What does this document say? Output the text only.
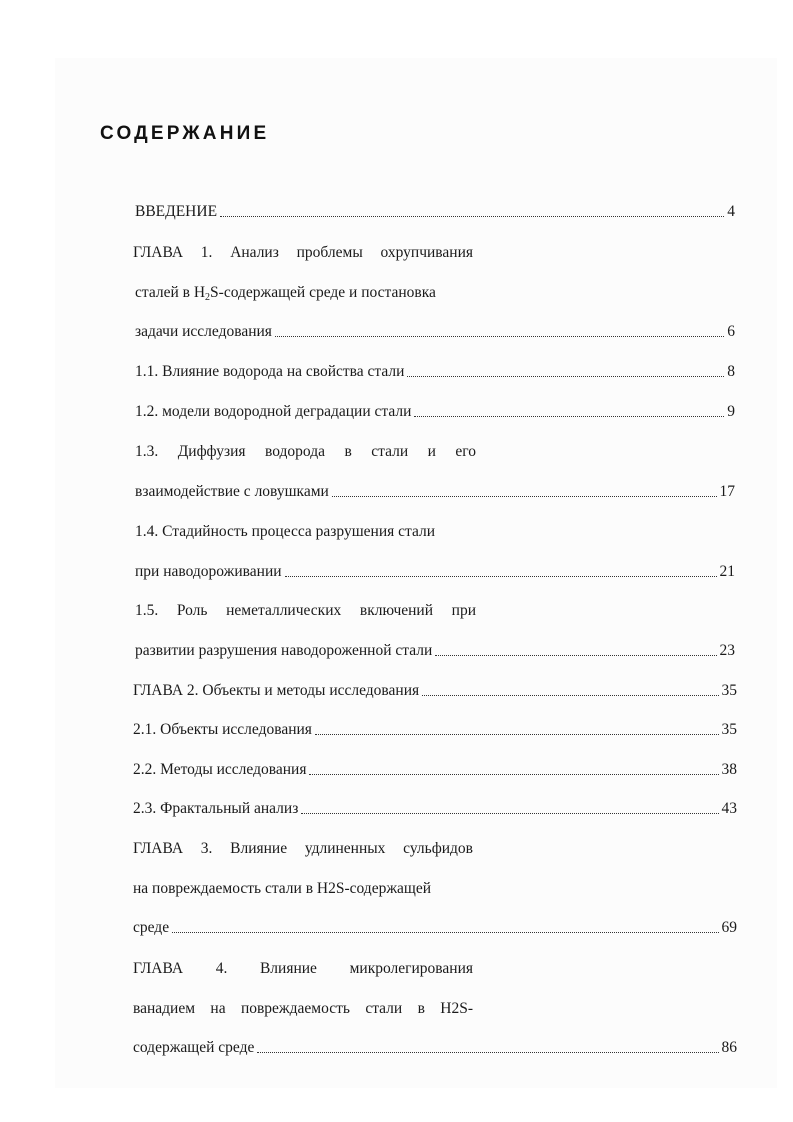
СОДЕРЖАНИЕ
ВВЕДЕНИЕ	4
ГЛАВА 1. Анализ проблемы охрупчивания
сталей в $H_2S$-содержащей среде и постановка
задачи исследования	6
1.1. Влияние водорода на свойства стали	8
1.2. модели водородной деградации стали	9
1.3. Диффузия водорода в стали и его
взаимодействие с ловушками	17
1.4. Стадийность процесса разрушения стали
при наводороживании	21
1.5. Роль неметаллических включений при
развитии разрушения наводороженной стали	23
ГЛАВА 2. Объекты и методы исследования	35
2.1. Объекты исследования	35
2.2. Методы исследования	38
2.3. Фрактальный анализ	43
ГЛАВА 3. Влияние удлиненных сульфидов
на повреждаемость стали в H2S-содержащей
среде	69
ГЛАВА 4. Влияние микролегирования
ванадием на повреждаемость стали в H2S-
содержащей среде	86
